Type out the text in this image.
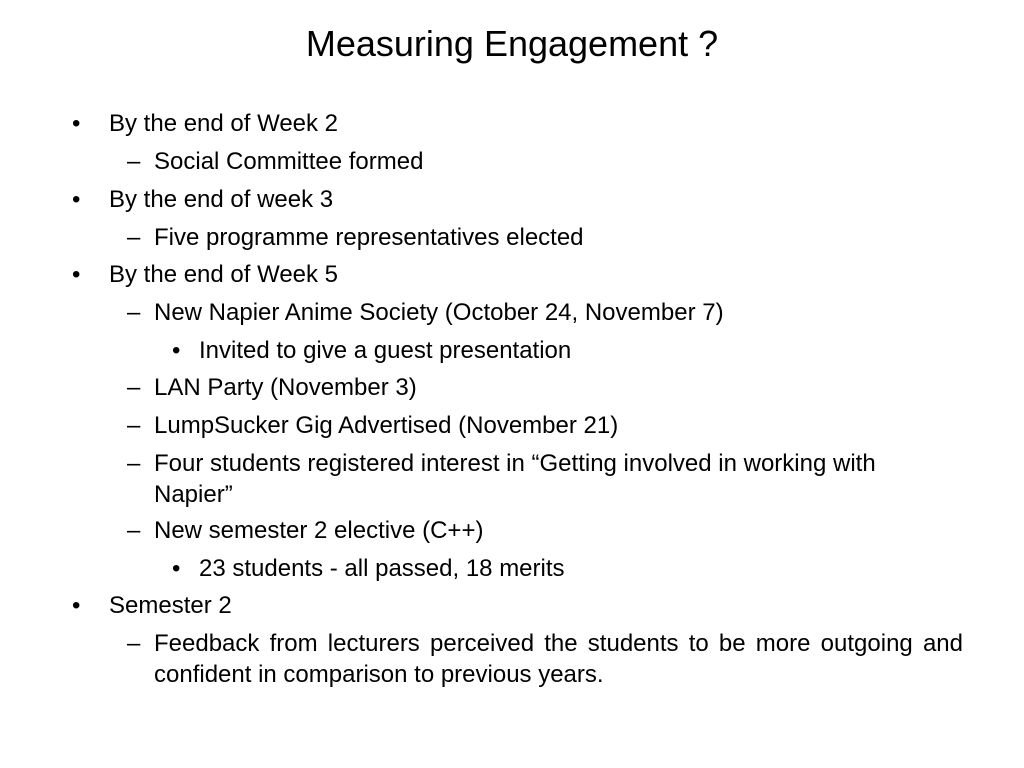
Measuring Engagement ?
• By the end of Week 2
– Social Committee formed
• By the end of week 3
– Five programme representatives elected
• By the end of Week 5
– New Napier Anime Society (October 24, November 7)
• Invited to give a guest presentation
– LAN Party (November 3)
– LumpSucker Gig Advertised (November 21)
– Four students registered interest in “Getting involved in working with Napier”
– New semester 2 elective (C++)
• 23 students - all passed, 18 merits
• Semester 2
– Feedback from lecturers perceived the students to be more outgoing and confident in comparison to previous years.
